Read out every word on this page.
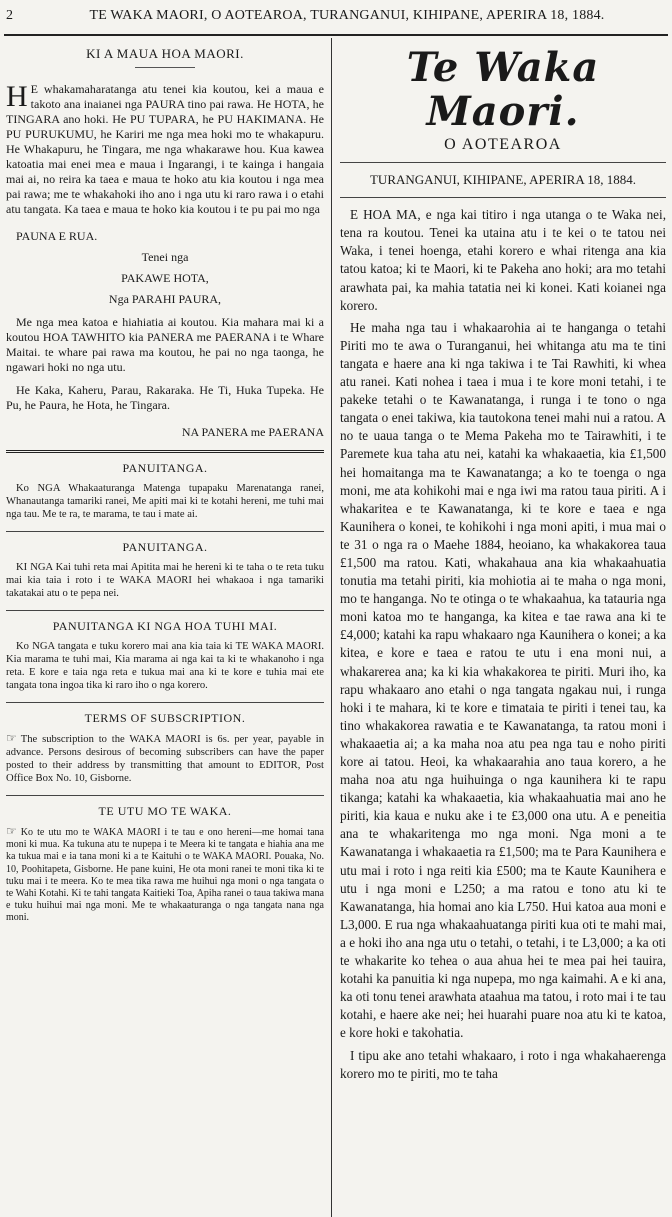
2	TE WAKA MAORI, O AOTEAROA, TURANGANUI, KIHIPANE, APERIRA 18, 1884.

KI A MAUA HOA MAORI.

H E whakamaharatanga atu tenei kia koutou, kei a maua e takoto ana inaianei nga PAURA tino pai rawa. He HOTA, he TINGARA ano hoki. He PU TUPARA, he PU HAKIMANA. He PU PURUKUMU, he Kariri me nga mea hoki mo te whakapuru. He Whakapuru, he Tingara, me nga whakarawe hou. Kua kawea katoatia mai enei mea e maua i Ingarangi, i te kainga i hangaia mai ai, no reira ka taea e maua te hoko atu kia koutou i nga mea pai rawa; me te whakahoki iho ano i nga utu ki raro rawa i o etahi atu tangata. Ka taea e maua te hoko kia koutou i te pu pai mo nga

PAUNA E RUA.

Tenei nga

PAKAWE HOTA,

Nga PARAHI PAURA,

Me nga mea katoa e hiahiatia ai koutou. Kia mahara mai ki a koutou HOA TAWHITO kia PANERA me PAERANA i te Whare Maitai. te whare pai rawa ma koutou, he pai no nga taonga, he ngawari hoki no nga utu.

He Kaka, Kaheru, Parau, Rakaraka. He Ti, Huka Tupeka. He Pu, he Paura, he Hota, he Tingara.

NA PANERA me PAERANA

PANUITANGA.

Ko NGA Whakaaturanga Matenga tupapaku Marenatanga ranei, Whanautanga tamariki ranei, Me apiti mai ki te kotahi hereni, me tuhi mai nga tau. Me te ra, te marama, te tau i mate ai.

PANUITANGA.

KI NGA Kai tuhi reta mai Apitita mai he hereni ki te taha o te reta tuku mai kia taia i roto i te WAKA MAORI hei whakaoa i nga tamariki takatakai atu o te pepa nei.

PANUITANGA KI NGA HOA TUHI MAI.

Ko NGA tangata e tuku korero mai ana kia taia ki TE WAKA MAORI. Kia marama te tuhi mai, Kia marama ai nga kai ta ki te whakanoho i nga reta. E kore e taia nga reta e tukua mai ana ki te kore e tuhia mai ete tangata tona ingoa tika ki raro iho o nga korero.

TERMS OF SUBSCRIPTION.

☞ The subscription to the WAKA MAORI is 6s. per year, payable in advance. Persons desirous of becoming subscribers can have the paper posted to their address by transmitting that amount to EDITOR, Post Office Box No. 10, Gisborne.

TE UTU MO TE WAKA.

☞ Ko te utu mo te WAKA MAORI i te tau e ono hereni—me homai tana moni ki mua. Ka tukuna atu te nupepa i te Meera ki te tangata e hiahia ana me ka tukua mai e ia tana moni ki a te Kaituhi o te WAKA MAORI. Pouaka, No. 10, Poohitapeta, Gisborne. He pane kuini, He ota moni ranei te moni tika ki te tuku mai i te meera. Ko te mea tika rawa me huihui nga moni o nga tangata o te Wahi Kotahi. Ki te tahi tangata Kaitieki Toa, Apiha ranei o taua takiwa mana e tuku huihui mai nga moni. Me te whakaaturanga o nga tangata nana nga moni.

Te Waka Maori.
O AOTEAROA
TURANGANUI, KIHIPANE, APERIRA 18, 1884.

E HOA MA, e nga kai titiro i nga utanga o te Waka nei, tena ra koutou. Tenei ka utaina atu i te kei o te tatou nei Waka, i tenei hoenga, etahi korero e whai ritenga ana kia tatou katoa; ki te Maori, ki te Pakeha ano hoki; ara mo tetahi arawhata pai, ka mahia tatatia nei ki konei. Kati koianei nga korero.

He maha nga tau i whakaarohia ai te hanganga o tetahi Piriti mo te awa o Turanganui, hei whitanga atu ma te tini tangata e haere ana ki nga takiwa i te Tai Rawhiti, ki whea atu ranei. Kati nohea i taea i mua i te kore moni tetahi, i te pakeke tetahi o te Kawanatanga, i runga i te tono o nga tangata o enei takiwa, kia tautokona tenei mahi nui a ratou. A no te uaua tanga o te Mema Pakeha mo te Tairawhiti, i te Paremete kua taha atu nei, katahi ka whakaaetia, kia £1,500 hei homaitanga ma te Kawanatanga; a ko te toenga o nga moni, me ata kohikohi mai e nga iwi ma ratou taua piriti. A i whakaritea e te Kawanatanga, ki te kore e taea e nga Kaunihera o konei, te kohikohi i nga moni apiti, i mua mai o te 31 o nga ra o Maehe 1884, heoiano, ka whakakorea taua £1,500 ma ratou. Kati, whakahaua ana kia whakaahuatia tonutia ma tetahi piriti, kia mohiotia ai te maha o nga moni, mo te hanganga. No te otinga o te whakaahua, ka tatauria nga moni katoa mo te hanganga, ka kitea e tae rawa ana ki te £4,000; katahi ka rapu whakaaro nga Kaunihera o konei; a ka kitea, e kore e taea e ratou te utu i ena moni nui, a whakarerea ana; ka ki kia whakakorea te piriti. Muri iho, ka rapu whakaaro ano etahi o nga tangata ngakau nui, i runga hoki i te mahara, ki te kore e timataia te piriti i tenei tau, ka tino whakakorea rawatia e te Kawanatanga, ta ratou moni i whakaaetia ai; a ka maha noa atu pea nga tau e noho piriti kore ai tatou. Heoi, ka whakaarahia ano taua korero, a he maha noa atu nga huihuinga o nga kaunihera ki te rapu tikanga; katahi ka whakaaetia, kia whakaahuatia mai ano he piriti, kia kaua e nuku ake i te £3,000 ona utu. A e peneitia ana te whakaritenga mo nga moni. Nga moni a te Kawanatanga i whakaaetia ra £1,500; ma te Para Kaunihera e utu mai i roto i nga reiti kia £500; ma te Kaute Kaunihera e utu i nga moni e L250; a ma ratou e tono atu ki te Kawanatanga, hia homai ano kia L750. Hui katoa aua moni e L3,000. E rua nga whakaahuatanga piriti kua oti te mahi mai, a e hoki iho ana nga utu o tetahi, o tetahi, i te L3,000; a ka oti te whakarite ko tehea o aua ahua hei te mea pai hei tauira, kotahi ka panuitia ki nga nupepa, mo nga kaimahi. A e ki ana, ka oti tonu tenei arawhata ataahua ma tatou, i roto mai i te tau kotahi, e haere ake nei; hei huarahi puare noa atu ki te katoa, e kore hoki e takohatia.

I tipu ake ano tetahi whakaaro, i roto i nga whakahaerenga korero mo te piriti, mo te taha
